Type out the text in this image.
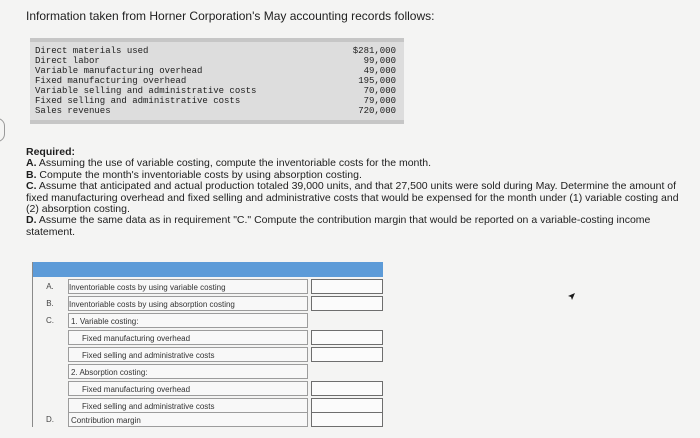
Information taken from Horner Corporation's May accounting records follows:
Direct materials used	$281,000
Direct labor	99,000
Variable manufacturing overhead	49,000
Fixed manufacturing overhead	195,000
Variable selling and administrative costs	70,000
Fixed selling and administrative costs	79,000
Sales revenues	720,000

Required:

A. Assuming the use of variable costing, compute the inventoriable costs for the month.

B. Compute the month's inventoriable costs by using absorption costing.

C. Assume that anticipated and actual production totaled 39,000 units, and that 27,500 units were sold during May. Determine the amount of fixed manufacturing overhead and fixed selling and administrative costs that would be expensed for the month under (1) variable costing and (2) absorption costing.

D. Assume the same data as in requirement "C." Compute the contribution margin that would be reported on a variable-costing income statement.

A.	Inventoriable costs by using variable costing
B.	Inventoriable costs by using absorption costing
C.	1. Variable costing:
Fixed manufacturing overhead
Fixed selling and administrative costs
2. Absorption costing:
Fixed manufacturing overhead
Fixed selling and administrative costs
D.	Contribution margin
